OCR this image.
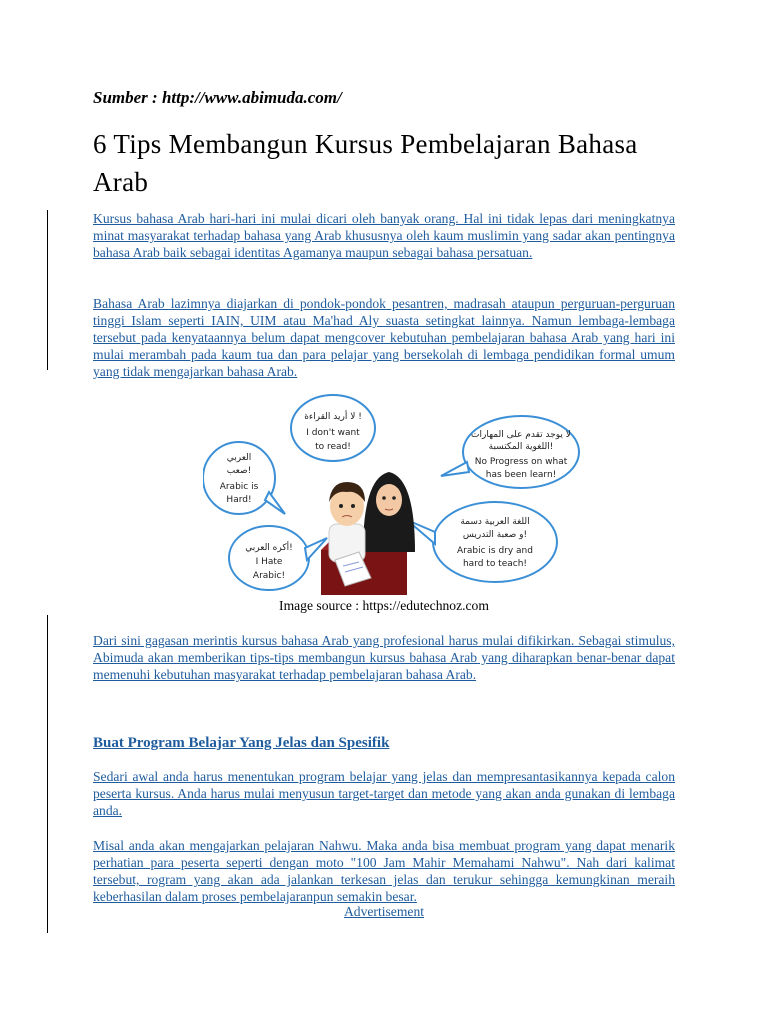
Sumber : http://www.abimuda.com/
6 Tips Membangun Kursus Pembelajaran Bahasa Arab

Kursus bahasa Arab hari-hari ini mulai dicari oleh banyak orang. Hal ini tidak lepas dari meningkatnya minat masyarakat terhadap bahasa yang Arab khususnya oleh kaum muslimin yang sadar akan pentingnya bahasa Arab baik sebagai identitas Agamanya maupun sebagai bahasa persatuan.

Bahasa Arab lazimnya diajarkan di pondok-pondok pesantren, madrasah ataupun perguruan-perguruan tinggi Islam seperti IAIN, UIM atau Ma'had Aly suasta setingkat lainnya. Namun lembaga-lembaga tersebut pada kenyataannya belum dapat mengcover kebutuhan pembelajaran bahasa Arab yang hari ini mulai merambah pada kaum tua dan para pelajar yang bersekolah di lembaga pendidikan formal umum yang tidak mengajarkan bahasa Arab.

لا أريد القراءة !
I don't want
to read!
العربي
صعب!
Arabic is
Hard!
لا يوجد تقدم على المهارات
اللغوية المكتسبة!
No Progress on what
has been learn!
أكره العربي!
I Hate
Arabic!
اللغة العربية دسمة
و صعبة التدريس!
Arabic is dry and
hard to teach!
Image source : https://edutechnoz.com

Dari sini gagasan merintis kursus bahasa Arab yang profesional harus mulai difikirkan. Sebagai stimulus, Abimuda akan memberikan tips-tips membangun kursus bahasa Arab yang diharapkan benar-benar dapat memenuhi kebutuhan masyarakat terhadap pembelajaran bahasa Arab.

Buat Program Belajar Yang Jelas dan Spesifik

Sedari awal anda harus menentukan program belajar yang jelas dan mempresantasikannya kepada calon peserta kursus. Anda harus mulai menyusun target-target dan metode yang akan anda gunakan di lembaga anda.

Misal anda akan mengajarkan pelajaran Nahwu. Maka anda bisa membuat program yang dapat menarik perhatian para peserta seperti dengan moto "100 Jam Mahir Memahami Nahwu". Nah dari kalimat tersebut, rogram yang akan ada jalankan terkesan jelas dan terukur sehingga kemungkinan meraih keberhasilan dalam proses pembelajaranpun semakin besar.

Advertisement
